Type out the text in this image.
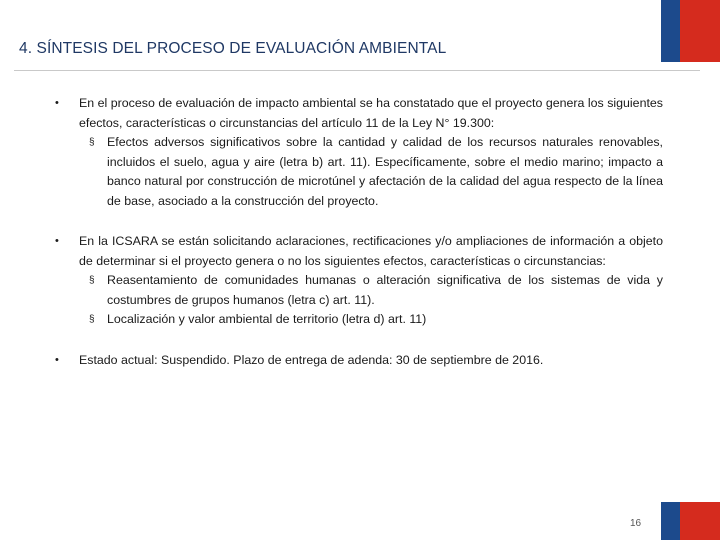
4. SÍNTESIS DEL PROCESO DE EVALUACIÓN AMBIENTAL
• En el proceso de evaluación de impacto ambiental se ha constatado que el proyecto genera los siguientes efectos, características o circunstancias del artículo 11 de la Ley N° 19.300:
§ Efectos adversos significativos sobre la cantidad y calidad de los recursos naturales renovables, incluidos el suelo, agua y aire (letra b) art. 11). Específicamente, sobre el medio marino; impacto a banco natural por construcción de microtúnel y afectación de la calidad del agua respecto de la línea de base, asociado a la construcción del proyecto.
• En la ICSARA se están solicitando aclaraciones, rectificaciones y/o ampliaciones de información a objeto de determinar si el proyecto genera o no los siguientes efectos, características o circunstancias:
§ Reasentamiento de comunidades humanas o alteración significativa de los sistemas de vida y costumbres de grupos humanos (letra c) art. 11).
§ Localización y valor ambiental de territorio (letra d) art. 11)
• Estado actual: Suspendido. Plazo de entrega de adenda: 30 de septiembre de 2016.
16
